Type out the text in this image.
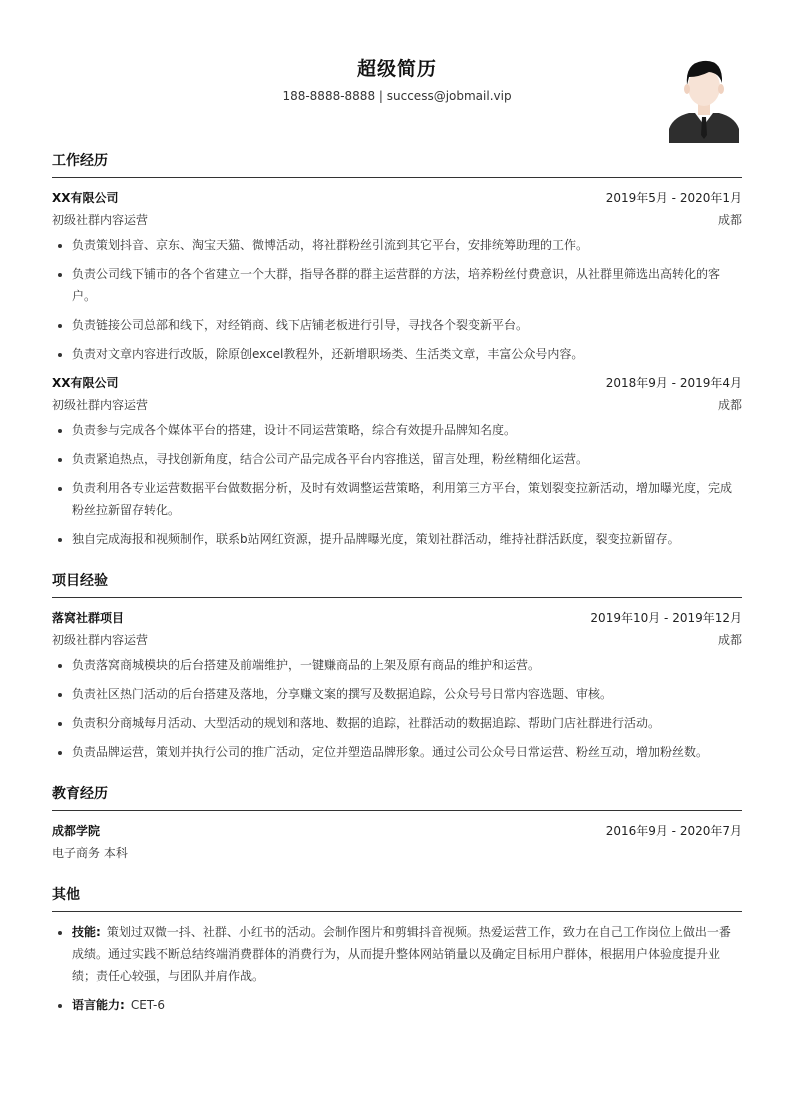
超级简历
188-8888-8888 | success@jobmail.vip
工作经历
XX有限公司	2019年5月 - 2020年1月
初级社群内容运营	成都
• 负责策划抖音、京东、淘宝天猫、微博活动，将社群粉丝引流到其它平台，安排统筹助理的工作。
• 负责公司线下铺市的各个省建立一个大群，指导各群的群主运营群的方法，培养粉丝付费意识，从社群里筛选出高转化的客户。
• 负责链接公司总部和线下，对经销商、线下店铺老板进行引导，寻找各个裂变新平台。
• 负责对文章内容进行改版，除原创excel教程外，还新增职场类、生活类文章，丰富公众号内容。
XX有限公司	2018年9月 - 2019年4月
初级社群内容运营	成都
• 负责参与完成各个媒体平台的搭建，设计不同运营策略，综合有效提升品牌知名度。
• 负责紧追热点，寻找创新角度，结合公司产品完成各平台内容推送，留言处理，粉丝精细化运营。
• 负责利用各专业运营数据平台做数据分析，及时有效调整运营策略，利用第三方平台，策划裂变拉新活动，增加曝光度，完成粉丝拉新留存转化。
• 独自完成海报和视频制作，联系b站网红资源，提升品牌曝光度，策划社群活动，维持社群活跃度，裂变拉新留存。
项目经验
落窝社群项目	2019年10月 - 2019年12月
初级社群内容运营	成都
• 负责落窝商城模块的后台搭建及前端维护，一键赚商品的上架及原有商品的维护和运营。
• 负责社区热门活动的后台搭建及落地，分享赚文案的撰写及数据追踪，公众号号日常内容选题、审核。
• 负责积分商城每月活动、大型活动的规划和落地、数据的追踪，社群活动的数据追踪、帮助门店社群进行活动。
• 负责品牌运营，策划并执行公司的推广活动，定位并塑造品牌形象。通过公司公众号日常运营、粉丝互动，增加粉丝数。
教育经历
成都学院	2016年9月 - 2020年7月
电子商务 本科
其他
• 技能: 策划过双微一抖、社群、小红书的活动。会制作图片和剪辑抖音视频。热爱运营工作，致力在自己工作岗位上做出一番成绩。通过实践不断总结终端消费群体的消费行为，从而提升整体网站销量以及确定目标用户群体，根据用户体验度提升业绩；责任心较强，与团队并肩作战。
• 语言能力: CET-6
